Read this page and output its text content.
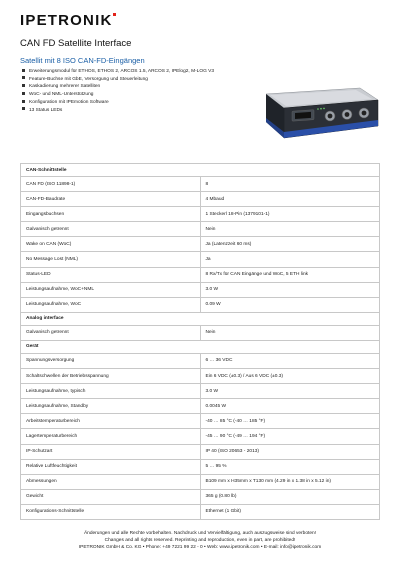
IPETRONIK
CAN FD Satellite Interface
Satellit mit 8 ISO CAN-FD-Eingängen
Erweiterungsmodul für ETHOS, ETHOS 2, ARCOS 1.5, ARCOS 2, IPElog2, M-LOG V3
Feature-Buchse mit GbE, Versorgung und Steuerleitung
Kaskadierung mehrerer Satelliten
WoC- und NML-Unterstützung
Konfiguration mit IPEmotion Software
13 Status LEDs
CAN-Schnittstelle	
CAN FD (ISO 11898-1)	8
CAN-FD-Baudrate	4 Mbaud
Eingangsbuchsen	1 Steckerl 18-Pin (1379101-1)
Galvanisch getrennt	Nein
Wake on CAN (WoC)	Ja (Latenzzeit 60 ms)
No Message Lost (NML)	Ja
Status-LED	8 Rx/Tx für CAN Eingänge und WoC, 5 ETH link
Leistungsaufnahme, WoC+NML	3.0 W
Leistungsaufnahme, WoC	0.09 W
Analog interface	
Galvanisch getrennt	Nein
Gerät	
Spannungsversorgung	6 … 36 VDC
Schaltschwellen der Betriebsspannung	Ein 6 VDC (±0.3) / Aus 6 VDC (±0.3)
Leistungsaufnahme, typisch	3.0 W
Leistungsaufnahme, Standby	0.0045 W
Arbeitstemperaturbereich	-40 … 85 °C (-40 … 185 °F)
Lagertemperaturbereich	-45 … 90 °C (-49 … 194 °F)
IP-Schutzart	IP 40 (ISO 20653 - 2013)
Relative Luftfeuchtigkeit	5 … 95 %
Abmessungen	B109 mm x H35mm x T130 mm (4.29 in x 1.38 in x 5.12 in)
Gewicht	365 g (0.80 lb)
Konfigurations-Schnittstelle	Ethernet (1 Gbit)
Änderungen und alle Rechte vorbehalten. Nachdruck und Vervielfältigung, auch auszugsweise sind verboten!
Changes and all rights reserved. Reprinting and reproduction, even in part, are prohibited!
IPETRONIK GmbH & Co. KG • Phone: +49 7221 99 22 - 0 • Web: www.ipetronik.com • E-mail: info@ipetronik.com
